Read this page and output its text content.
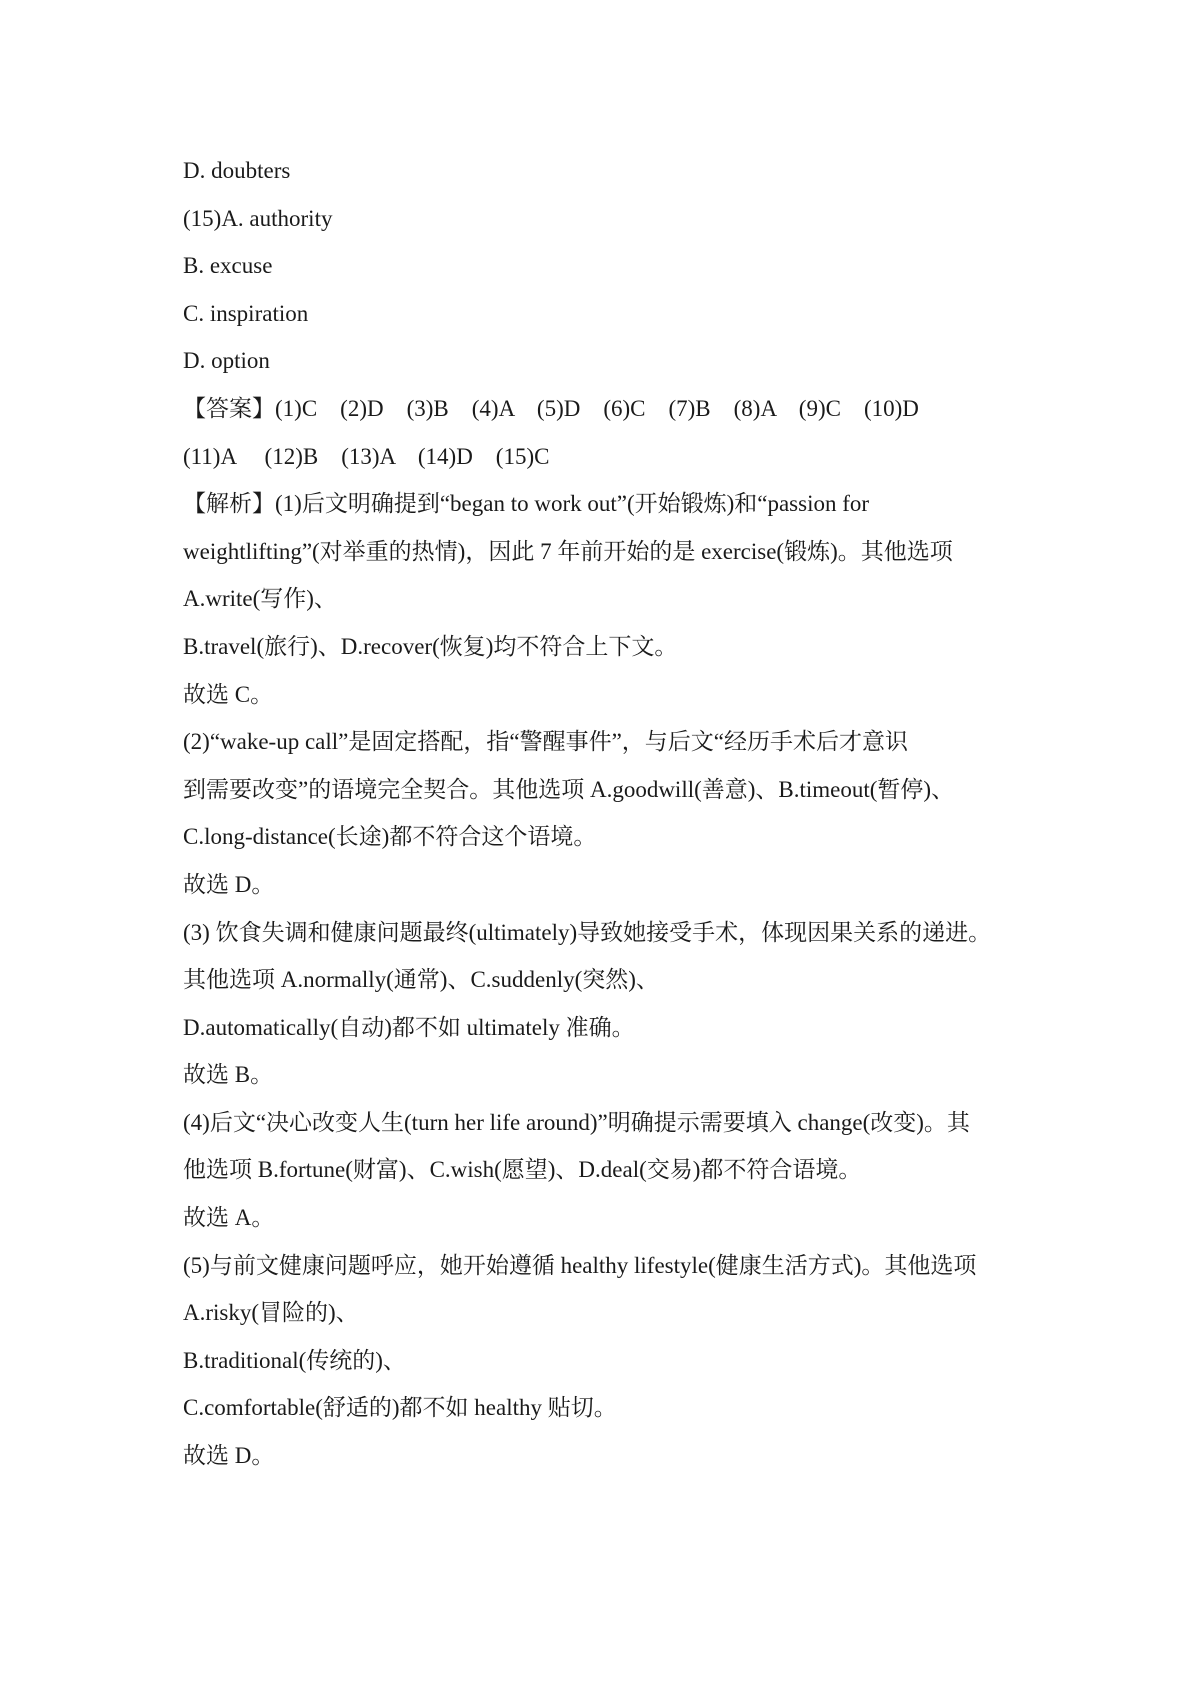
D. doubters
(15)A. authority
B. excuse
C. inspiration
D. option
【答案】(1)C    (2)D    (3)B    (4)A    (5)D    (6)C    (7)B    (8)A    (9)C    (10)D
(11)A     (12)B    (13)A    (14)D    (15)C
【解析】(1)后文明确提到“began to work out”(开始锻炼)和“passion for
weightlifting”(对举重的热情)，因此 7 年前开始的是 exercise(锻炼)。其他选项
A.write(写作)、
B.travel(旅行)、D.recover(恢复)均不符合上下文。
故选 C。
(2)“wake-up call”是固定搭配，指“警醒事件”，与后文“经历手术后才意识
到需要改变”的语境完全契合。其他选项 A.goodwill(善意)、B.timeout(暂停)、
C.long-distance(长途)都不符合这个语境。
故选 D。
(3) 饮食失调和健康问题最终(ultimately)导致她接受手术，体现因果关系的递进。
其他选项 A.normally(通常)、C.suddenly(突然)、
D.automatically(自动)都不如 ultimately 准确。
故选 B。
(4)后文“决心改变人生(turn her life around)”明确提示需要填入 change(改变)。其
他选项 B.fortune(财富)、C.wish(愿望)、D.deal(交易)都不符合语境。
故选 A。
(5)与前文健康问题呼应，她开始遵循 healthy lifestyle(健康生活方式)。其他选项
A.risky(冒险的)、
B.traditional(传统的)、
C.comfortable(舒适的)都不如 healthy 贴切。
故选 D。
